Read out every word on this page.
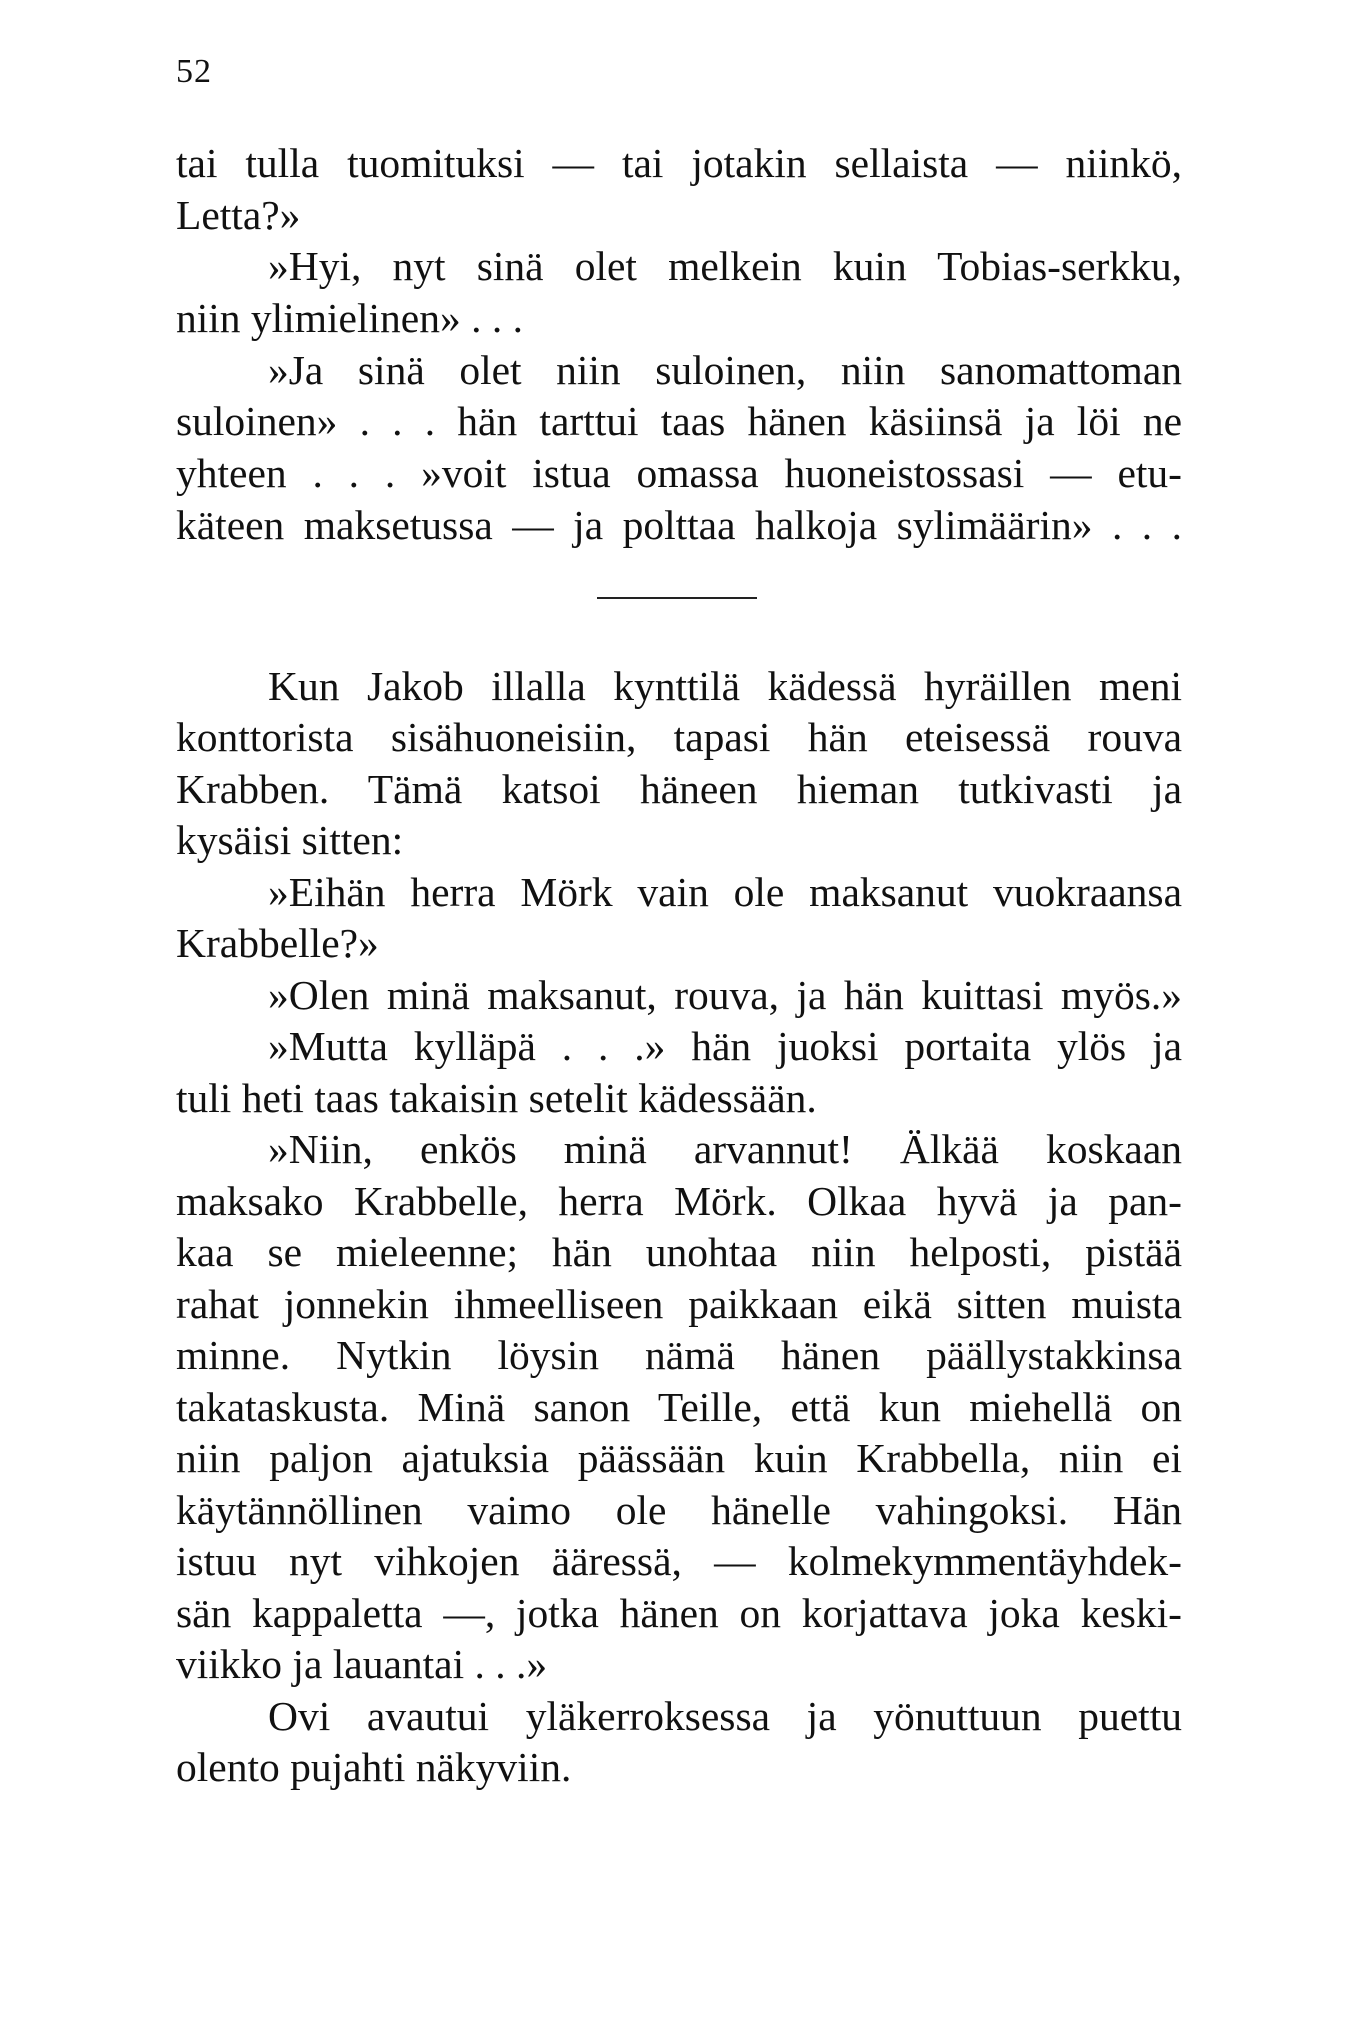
52
tai tulla tuomituksi — tai jotakin sellaista — niinkö,
Letta?»
»Hyi, nyt sinä olet melkein kuin Tobias-serkku,
niin ylimielinen» . . .
»Ja sinä olet niin suloinen, niin sanomattoman
suloinen» . . . hän tarttui taas hänen käsiinsä ja löi ne
yhteen . . . »voit istua omassa huoneistossasi — etu-
käteen maksetussa — ja polttaa halkoja sylimäärin» . . .
Kun Jakob illalla kynttilä kädessä hyräillen meni
konttorista sisähuoneisiin, tapasi hän eteisessä rouva
Krabben. Tämä katsoi häneen hieman tutkivasti ja
kysäisi sitten:
»Eihän herra Mörk vain ole maksanut vuokraansa
Krabbelle?»
»Olen minä maksanut, rouva, ja hän kuittasi myös.»
»Mutta kylläpä . . .» hän juoksi portaita ylös ja
tuli heti taas takaisin setelit kädessään.
»Niin, enkös minä arvannut! Älkää koskaan
maksako Krabbelle, herra Mörk. Olkaa hyvä ja pan-
kaa se mieleenne; hän unohtaa niin helposti, pistää
rahat jonnekin ihmeelliseen paikkaan eikä sitten muista
minne. Nytkin löysin nämä hänen päällystakkinsa
takataskusta. Minä sanon Teille, että kun miehellä on
niin paljon ajatuksia päässään kuin Krabbella, niin ei
käytännöllinen vaimo ole hänelle vahingoksi. Hän
istuu nyt vihkojen ääressä, — kolmekymmentäyhdek-
sän kappaletta —, jotka hänen on korjattava joka keski-
viikko ja lauantai . . .»
Ovi avautui yläkerroksessa ja yönuttuun puettu
olento pujahti näkyviin.
